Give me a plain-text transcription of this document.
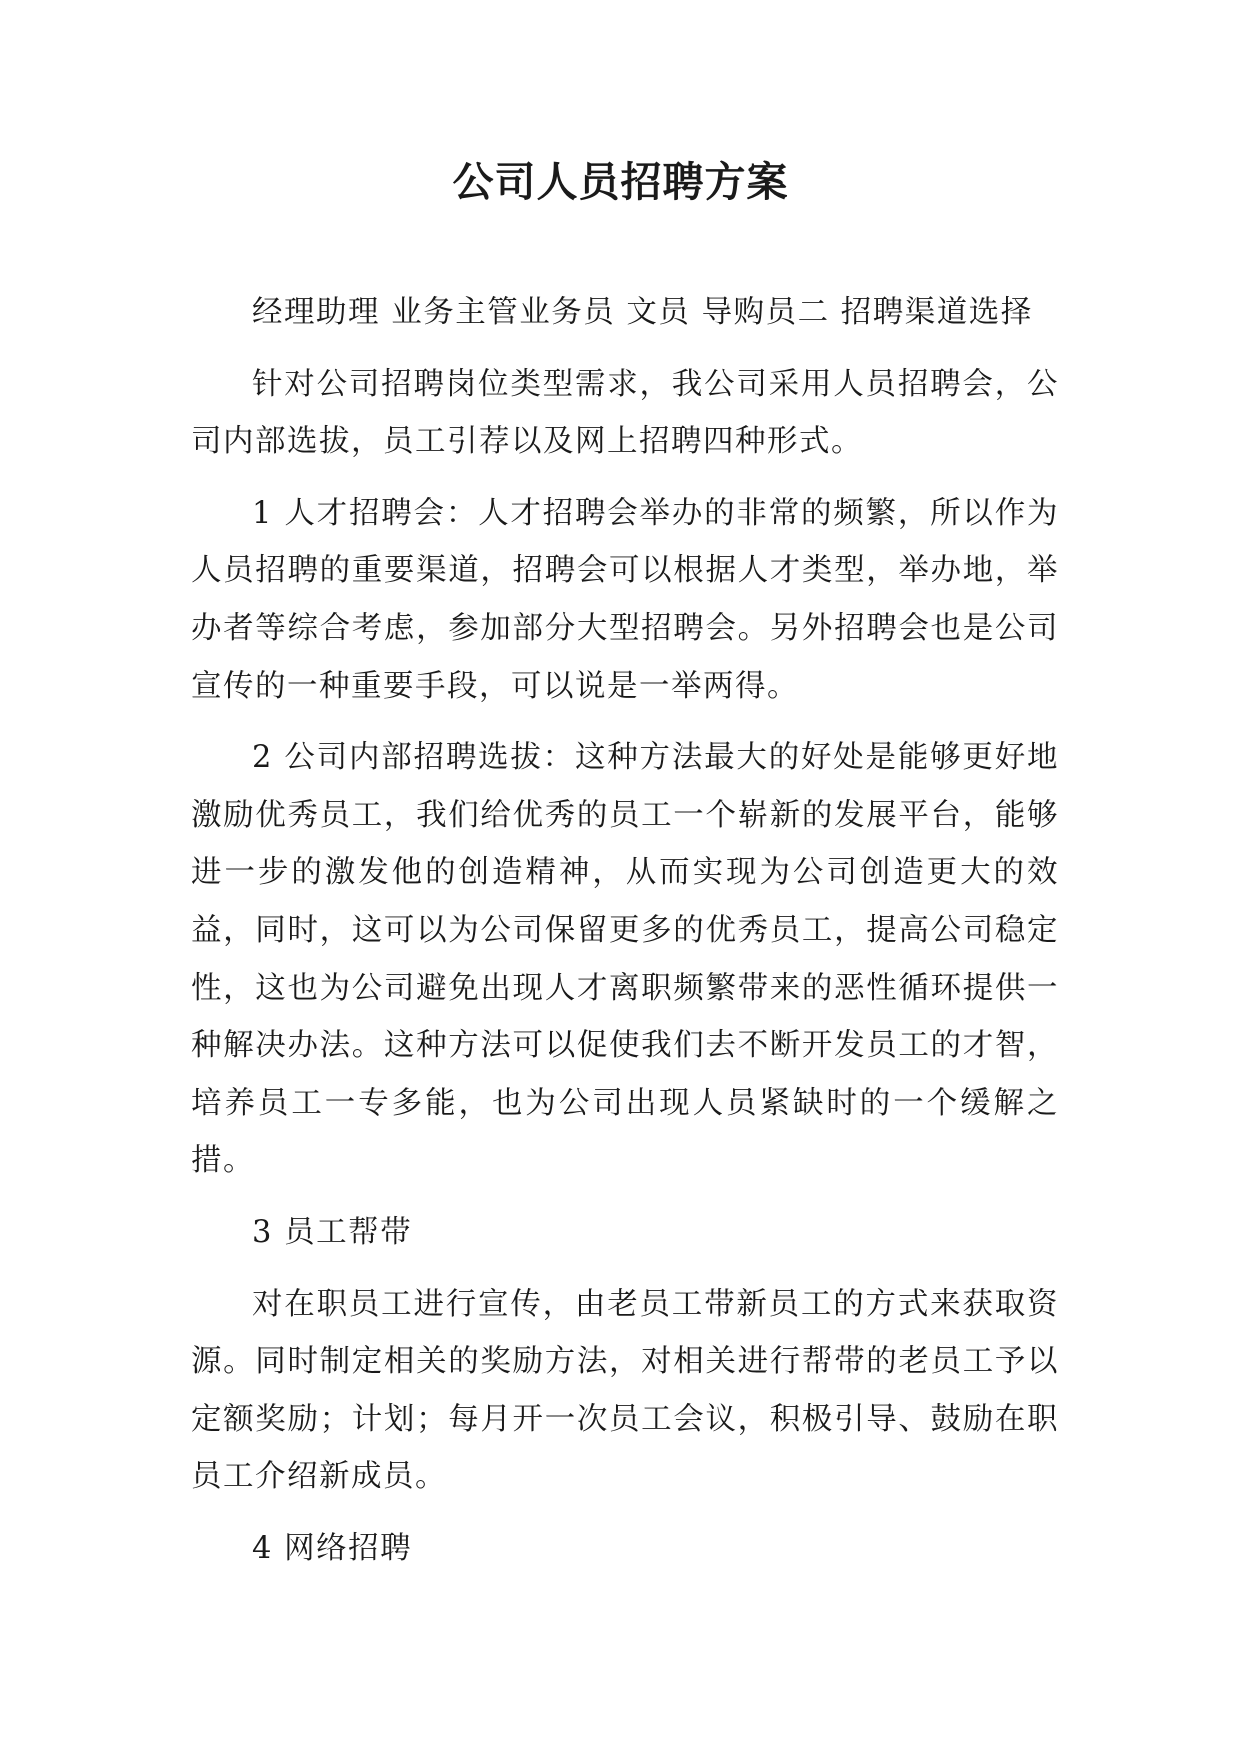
公司人员招聘方案

经理助理 业务主管业务员 文员 导购员二 招聘渠道选择

针对公司招聘岗位类型需求，我公司采用人员招聘会，公司内部选拔，员工引荐以及网上招聘四种形式。

1 人才招聘会：人才招聘会举办的非常的频繁，所以作为人员招聘的重要渠道，招聘会可以根据人才类型，举办地，举办者等综合考虑，参加部分大型招聘会。另外招聘会也是公司宣传的一种重要手段，可以说是一举两得。

2 公司内部招聘选拔：这种方法最大的好处是能够更好地激励优秀员工，我们给优秀的员工一个崭新的发展平台，能够进一步的激发他的创造精神，从而实现为公司创造更大的效益，同时，这可以为公司保留更多的优秀员工，提高公司稳定性，这也为公司避免出现人才离职频繁带来的恶性循环提供一种解决办法。这种方法可以促使我们去不断开发员工的才智，培养员工一专多能，也为公司出现人员紧缺时的一个缓解之措。

3 员工帮带

对在职员工进行宣传，由老员工带新员工的方式来获取资源。同时制定相关的奖励方法，对相关进行帮带的老员工予以定额奖励；计划；每月开一次员工会议，积极引导、鼓励在职员工介绍新成员。

4 网络招聘
